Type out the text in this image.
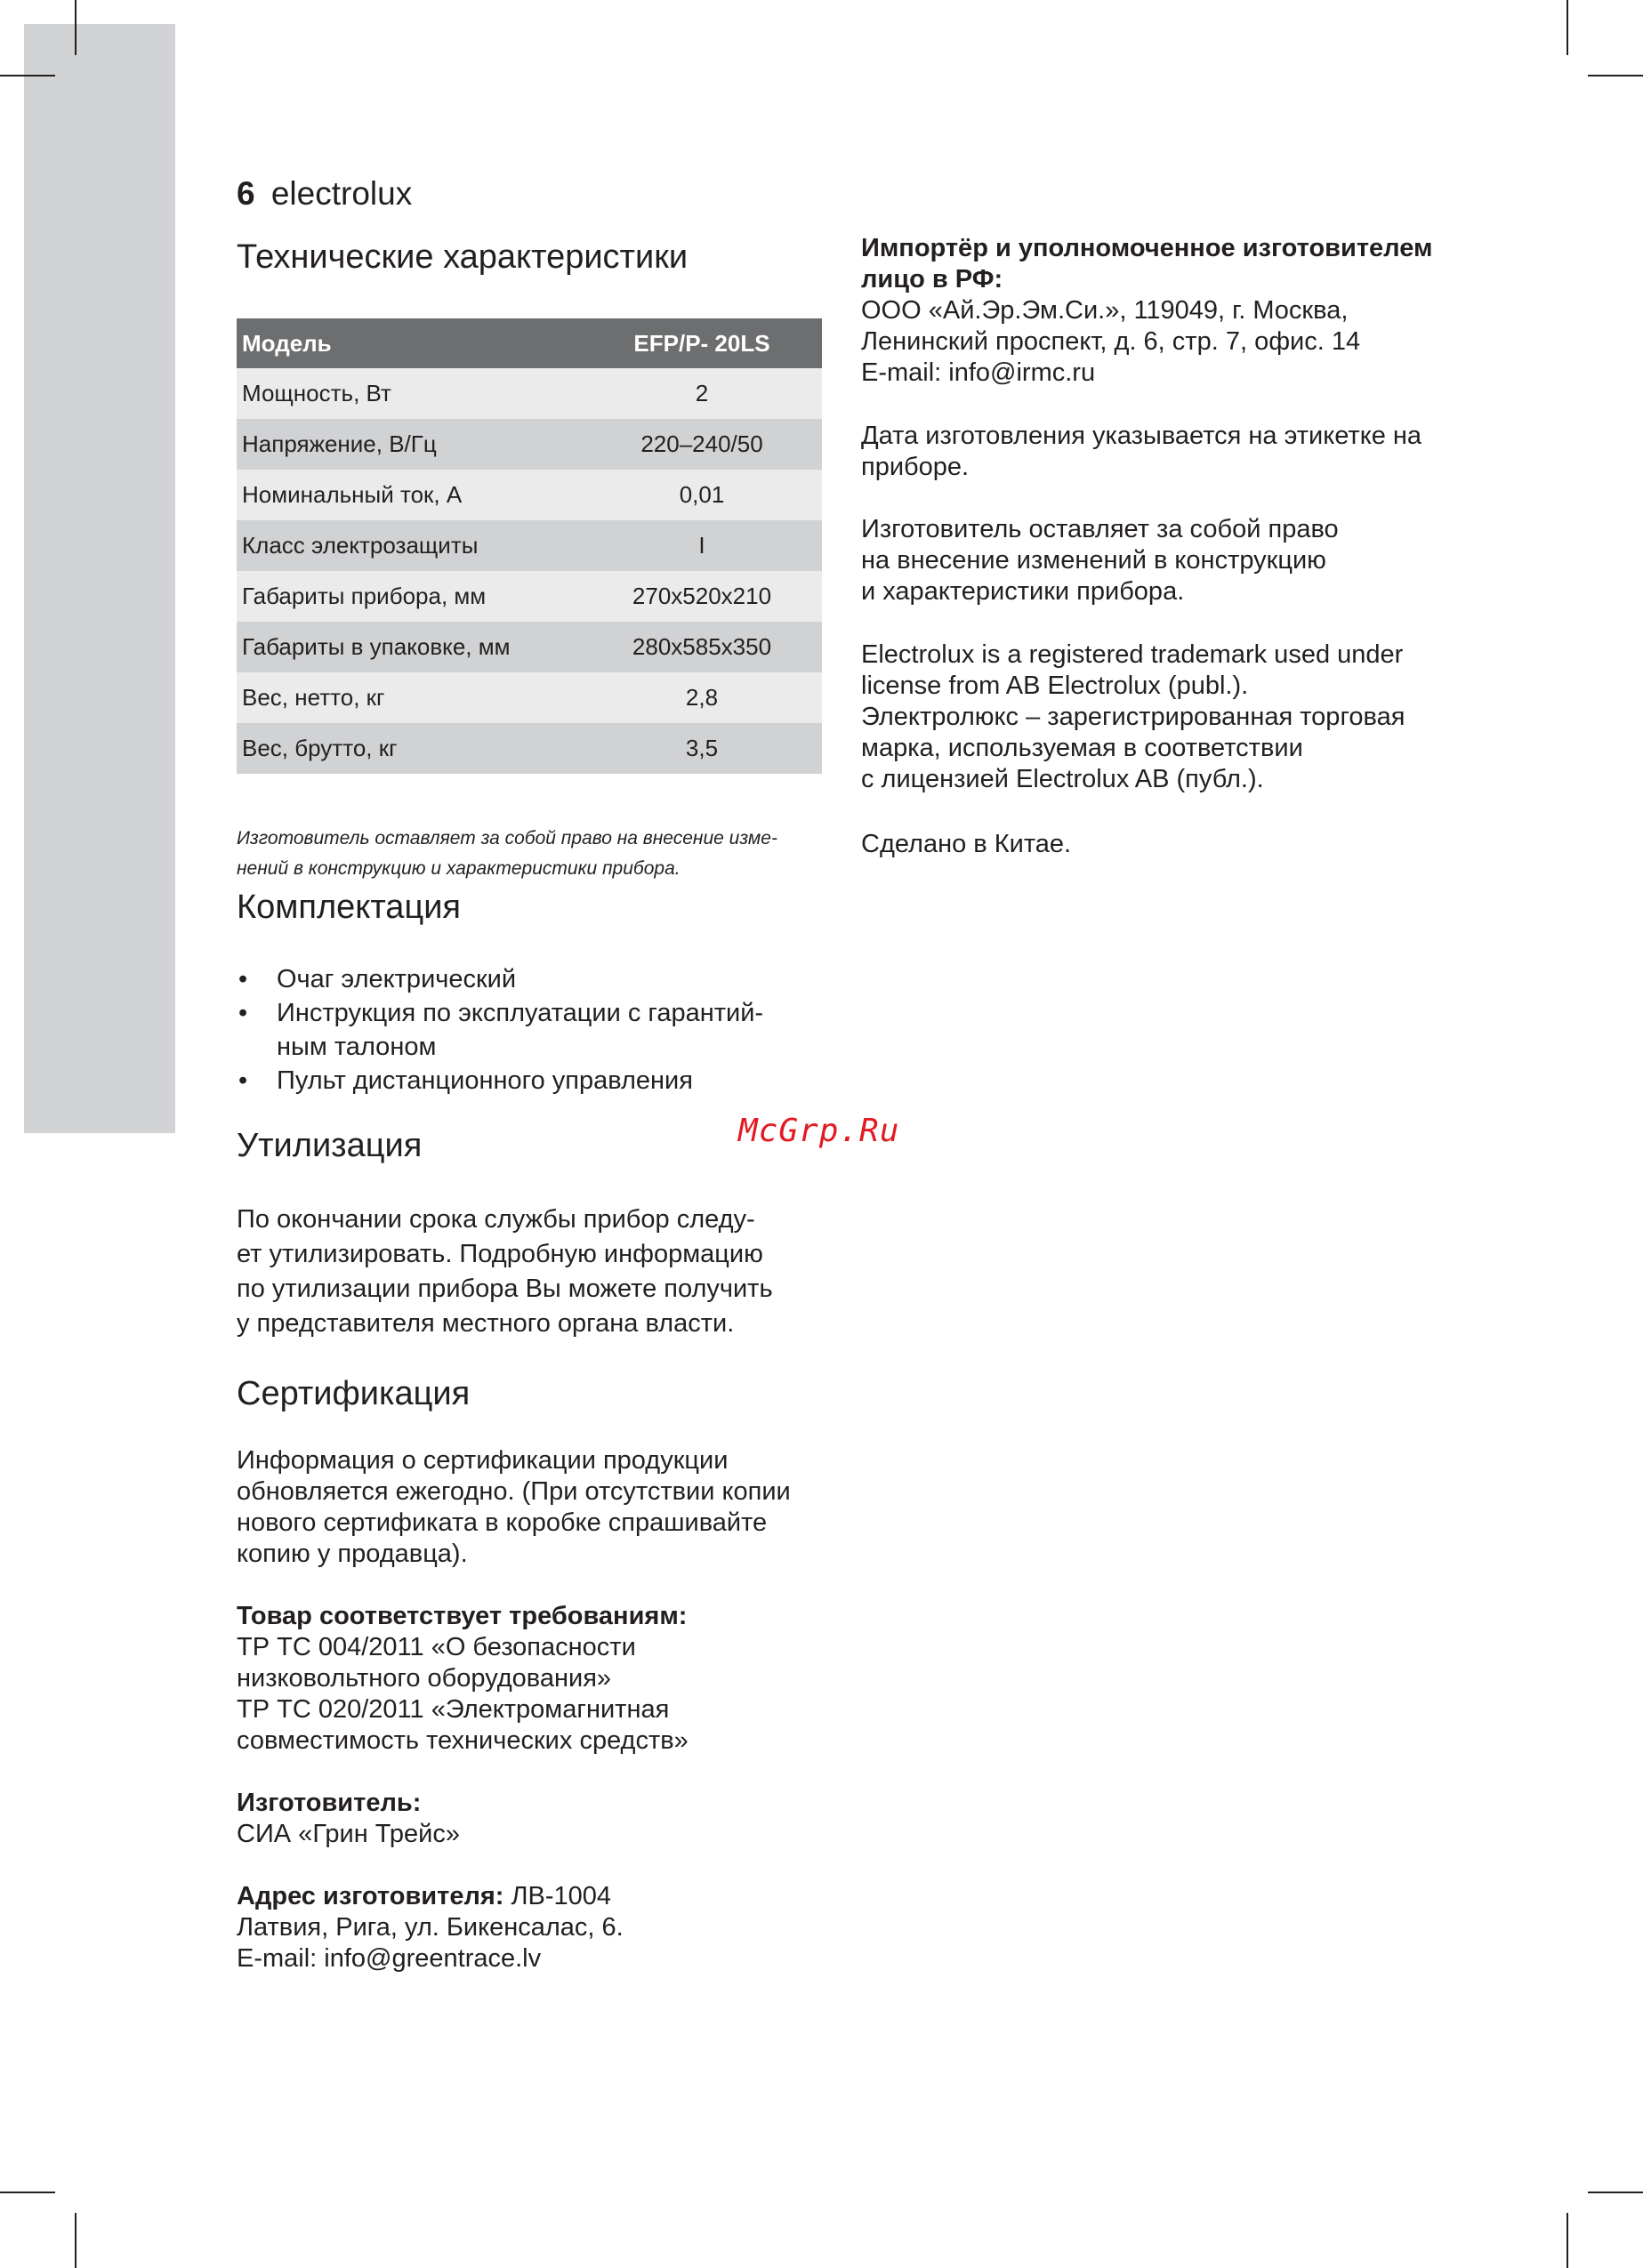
6 electrolux
Технические характеристики
Модель	EFP/P- 20LS
Мощность, Вт	2
Напряжение, В/Гц	220–240/50
Номинальный ток, А	0,01
Класс электрозащиты	I
Габариты прибора, мм	270x520x210
Габариты в упаковке, мм	280x585x350
Вес, нетто, кг	2,8
Вес, брутто, кг	3,5
Изготовитель оставляет за собой право на внесение изме-
нений в конструкцию и характеристики прибора.
Комплектация
• Очаг электрический
• Инструкция по эксплуатации с гарантий-
ным талоном
• Пульт дистанционного управления
Утилизация
По окончании срока службы прибор следу-
ет утилизировать. Подробную информацию
по утилизации прибора Вы можете получить
у представителя местного органа власти.
Сертификация
Информация о сертификации продукции
обновляется ежегодно. (При отсутствии копии
нового сертификата в коробке спрашивайте
копию у продавца).
Товар соответствует требованиям:
ТР ТС 004/2011 «О безопасности
низковольтного оборудования»
ТР ТС 020/2011 «Электромагнитная
совместимость технических средств»
Изготовитель:
СИА «Грин Трейс»
Адрес изготовителя: ЛВ-1004
Латвия, Рига, ул. Бикенсалас, 6.
E-mail: info@greentrace.lv
Импортёр и уполномоченное изготовителем
лицо в РФ:
ООО «Ай.Эр.Эм.Си.», 119049, г. Москва,
Ленинский проспект, д. 6, стр. 7, офис. 14
E-mail: info@irmc.ru
Дата изготовления указывается на этикетке на
приборе.
Изготовитель оставляет за собой право
на внесение изменений в конструкцию
и характеристики прибора.
Electrolux is a registered trademark used under
license from AB Electrolux (publ.).
Электролюкс – зарегистрированная торговая
марка, используемая в соответствии
с лицензией Electrolux AB (публ.).
Сделано в Китае.
McGrp.Ru
